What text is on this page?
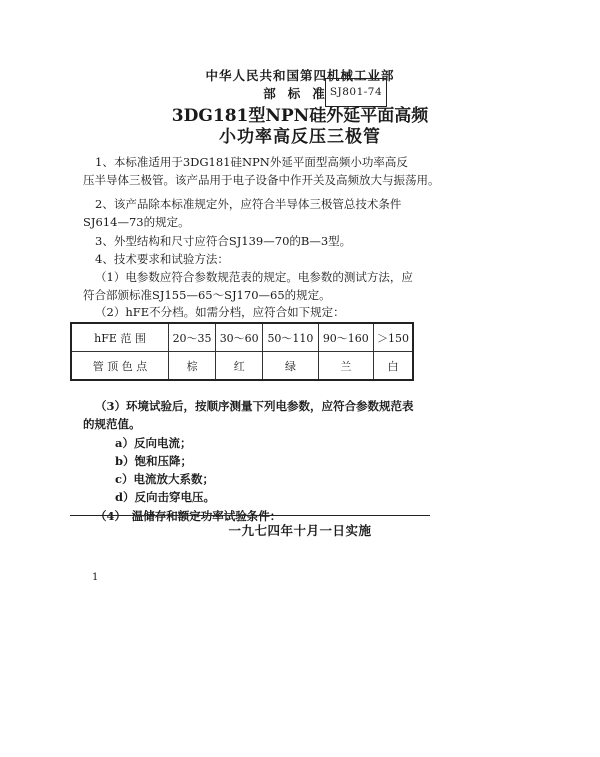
中华人民共和国第四机械工业部
部标准
SJ801-74
3DG181型NPN硅外延平面高频
小功率高反压三极管
1、本标准适用于3DG181硅NPN外延平面型高频小功率高反
压半导体三极管。该产品用于电子设备中作开关及高频放大与振荡用。
2、该产品除本标准规定外，应符合半导体三极管总技术条件
SJ614—73的规定。
3、外型结构和尺寸应符合SJ139—70的B—3型。
4、技术要求和试验方法：
（1）电参数应符合参数规范表的规定。电参数的测试方法，应
符合部颁标准SJ155—65～SJ170—65的规定。
（2）hFE不分档。如需分档，应符合如下规定：
hFE 范 围	20～35	30～60	50～110	90～160	＞150
管 顶 色 点	棕	红	绿	兰	白
（3）环境试验后，按顺序测量下列电参数，应符合参数规范表
的规范值。
a）反向电流；
b）饱和压降；
c）电流放大系数；
d）反向击穿电压。
（4）　温储存和额定功率试验条件：
一九七四年十月一日实施
1
